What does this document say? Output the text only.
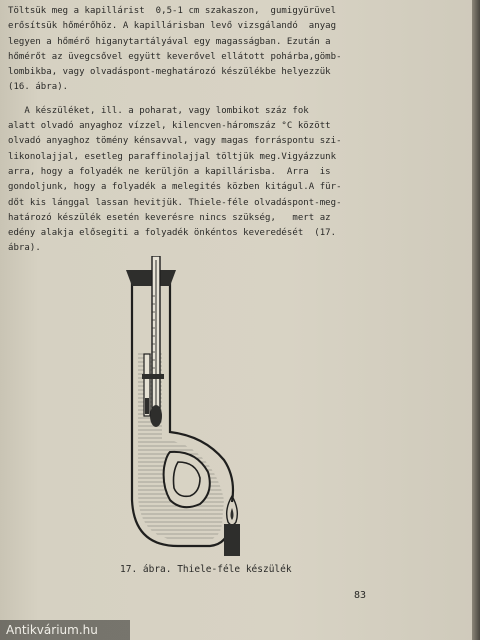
Töltsük meg a kapillárist  0,5-1 cm szakaszon,  gumigyürüvel
erősítsük hőmérőhöz. A kapillárisban levő vizsgálandó  anyag
legyen a hőmérő higanytartályával egy magasságban. Ezután a
hőmérőt az üvegcsővel együtt keverővel ellátott pohárba,gömb-
lombikba, vagy olvadáspont-meghatározó készülékbe helyezzük
(16. ábra).
A készüléket, ill. a poharat, vagy lombikot száz fok
alatt olvadó anyaghoz vízzel, kilencven-háromszáz °C között
olvadó anyaghoz tömény kénsavval, vagy magas forráspontu szi-
likonolajjal, esetleg paraffinolajjal töltjük meg.Vigyázzunk
arra, hogy a folyadék ne kerüljön a kapillárisba.  Arra  is
gondoljunk, hogy a folyadék a melegités közben kitágul.A für-
dőt kis lánggal lassan hevitjük. Thiele-féle olvadáspont-meg-
határozó készülék esetén keverésre nincs szükség,   mert az
edény alakja elősegiti a folyadék önkéntos keveredését  (17.
ábra).
17. ábra. Thiele-féle készülék
83
Antikvárium.hu
